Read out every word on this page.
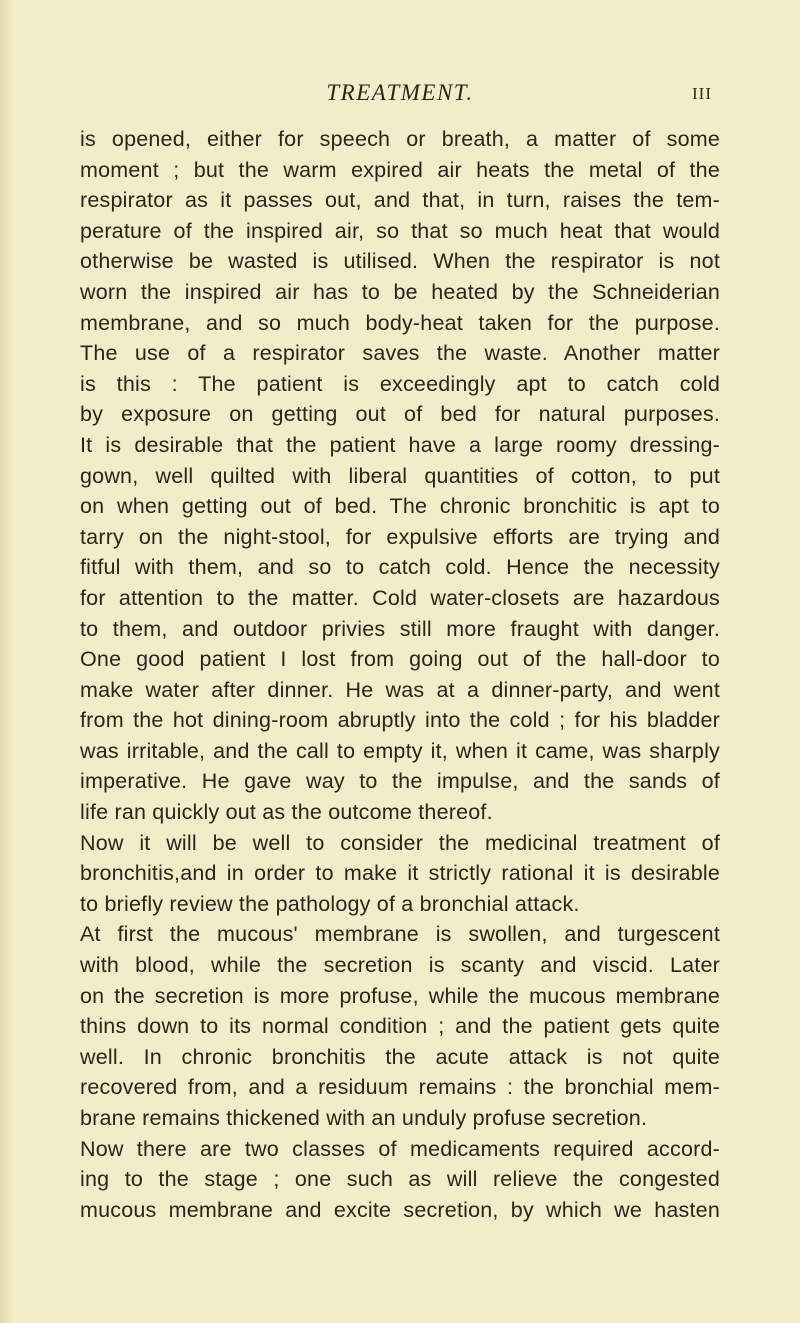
TREATMENT.	III
is opened, either for speech or breath, a matter of some
moment ; but the warm expired air heats the metal of the
respirator as it passes out, and that, in turn, raises the tem-
perature of the inspired air, so that so much heat that would
otherwise be wasted is utilised. When the respirator is not
worn the inspired air has to be heated by the Schneiderian
membrane, and so much body-heat taken for the purpose.
The use of a respirator saves the waste. Another matter
is this : The patient is exceedingly apt to catch cold
by exposure on getting out of bed for natural purposes.
It is desirable that the patient have a large roomy dressing-
gown, well quilted with liberal quantities of cotton, to put
on when getting out of bed. The chronic bronchitic is apt to
tarry on the night-stool, for expulsive efforts are trying and
fitful with them, and so to catch cold. Hence the necessity
for attention to the matter. Cold water-closets are hazardous
to them, and outdoor privies still more fraught with danger.
One good patient I lost from going out of the hall-door to
make water after dinner. He was at a dinner-party, and went
from the hot dining-room abruptly into the cold ; for his bladder
was irritable, and the call to empty it, when it came, was sharply
imperative. He gave way to the impulse, and the sands of
life ran quickly out as the outcome thereof.
Now it will be well to consider the medicinal treatment of
bronchitis,and in order to make it strictly rational it is desirable
to briefly review the pathology of a bronchial attack.
At first the mucous' membrane is swollen, and turgescent
with blood, while the secretion is scanty and viscid. Later
on the secretion is more profuse, while the mucous membrane
thins down to its normal condition ; and the patient gets quite
well. In chronic bronchitis the acute attack is not quite
recovered from, and a residuum remains : the bronchial mem-
brane remains thickened with an unduly profuse secretion.
Now there are two classes of medicaments required accord-
ing to the stage ; one such as will relieve the congested
mucous membrane and excite secretion, by which we hasten
